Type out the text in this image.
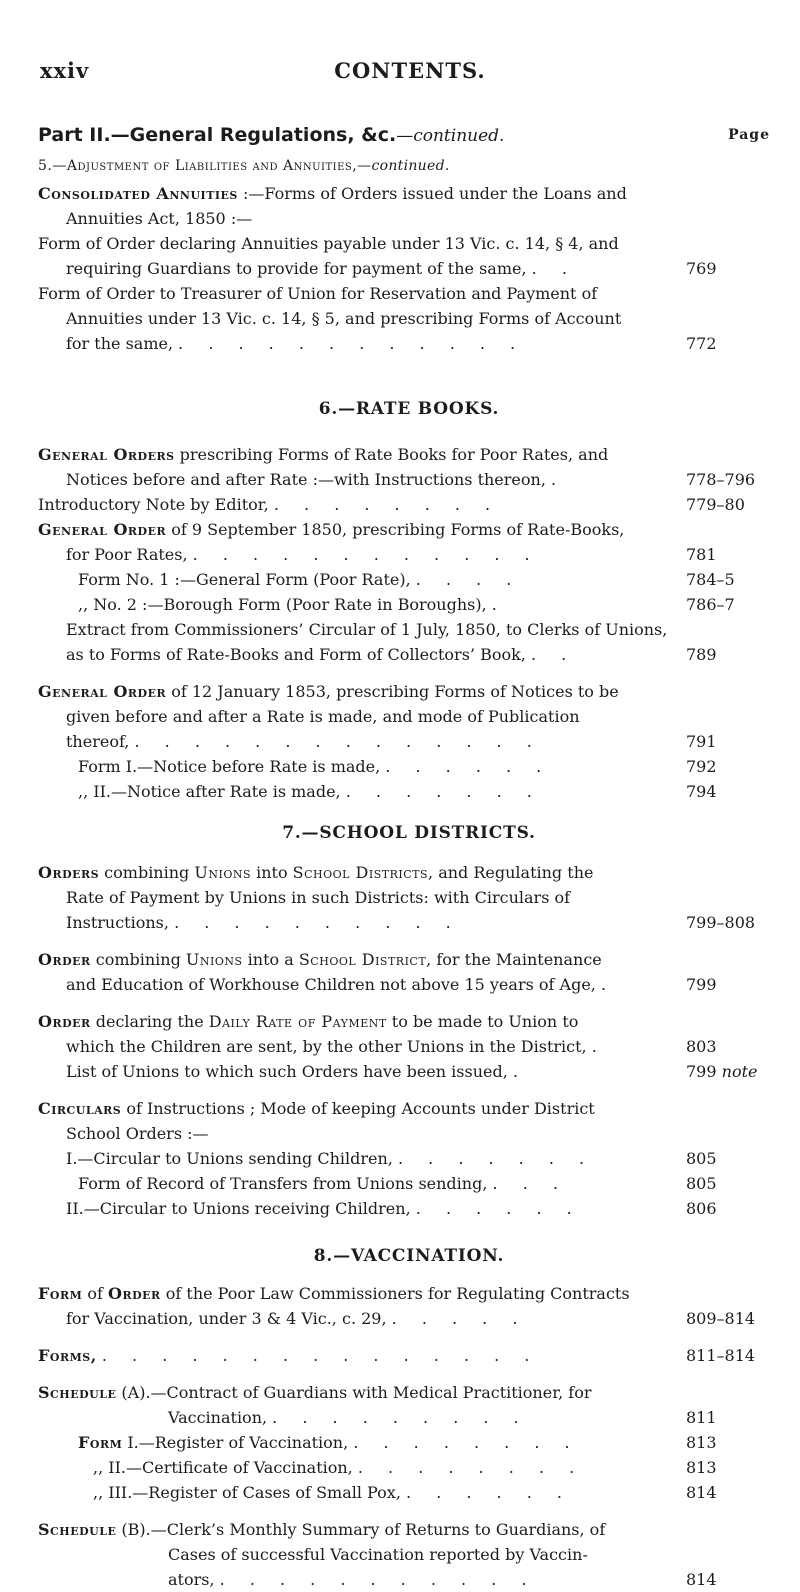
xxiv	CONTENTS.
Part II.—General Regulations, &c.—continued.	Page
5.—Adjustment of Liabilities and Annuities,—continued.
Consolidated Annuities :—Forms of Orders issued under the Loans and
Annuities Act, 1850 :—
Form of Order declaring Annuities payable under 13 Vic. c. 14, § 4, and
requiring Guardians to provide for payment of the same, . .	769
Form of Order to Treasurer of Union for Reservation and Payment of
Annuities under 13 Vic. c. 14, § 5, and prescribing Forms of Account
for the same, . . . . . . . . . . . .	772
6.—RATE BOOKS.
General Orders prescribing Forms of Rate Books for Poor Rates, and
Notices before and after Rate :—with Instructions thereon, .	778–796
Introductory Note by Editor, . . . . . . . .	779–80
General Order of 9 September 1850, prescribing Forms of Rate-Books,
for Poor Rates, . . . . . . . . . . . .	781
Form No. 1 :—General Form (Poor Rate), . . . .	784–5
,, No. 2 :—Borough Form (Poor Rate in Boroughs), .	786–7
Extract from Commissioners’ Circular of 1 July, 1850, to Clerks of Unions,
as to Forms of Rate-Books and Form of Collectors’ Book, . .	789
General Order of 12 January 1853, prescribing Forms of Notices to be
given before and after a Rate is made, and mode of Publication
thereof, . . . . . . . . . . . . . .	791
Form I.—Notice before Rate is made, . . . . . .	792
,, II.—Notice after Rate is made, . . . . . . .	794
7.—SCHOOL DISTRICTS.
Orders combining Unions into School Districts, and Regulating the
Rate of Payment by Unions in such Districts: with Circulars of
Instructions, . . . . . . . . . .	799–808
Order combining Unions into a School District, for the Maintenance
and Education of Workhouse Children not above 15 years of Age, .	799
Order declaring the Daily Rate of Payment to be made to Union to
which the Children are sent, by the other Unions in the District, .	803
List of Unions to which such Orders have been issued, .	799 note
Circulars of Instructions ; Mode of keeping Accounts under District
School Orders :—
I.—Circular to Unions sending Children, . . . . . . .	805
Form of Record of Transfers from Unions sending, . . .	805
II.—Circular to Unions receiving Children, . . . . . .	806
8.—VACCINATION.
Form of Order of the Poor Law Commissioners for Regulating Contracts
for Vaccination, under 3 & 4 Vic., c. 29, . . . . .	809–814
Forms, . . . . . . . . . . . . . . .	811–814
Schedule (A).—Contract of Guardians with Medical Practitioner, for
Vaccination, . . . . . . . . .	811
Form I.—Register of Vaccination, . . . . . . . .	813
,, II.—Certificate of Vaccination, . . . . . . . .	813
,, III.—Register of Cases of Small Pox, . . . . . .	814
Schedule (B).—Clerk’s Monthly Summary of Returns to Guardians, of
Cases of successful Vaccination reported by Vaccin-
ators, . . . . . . . . . . .	814
